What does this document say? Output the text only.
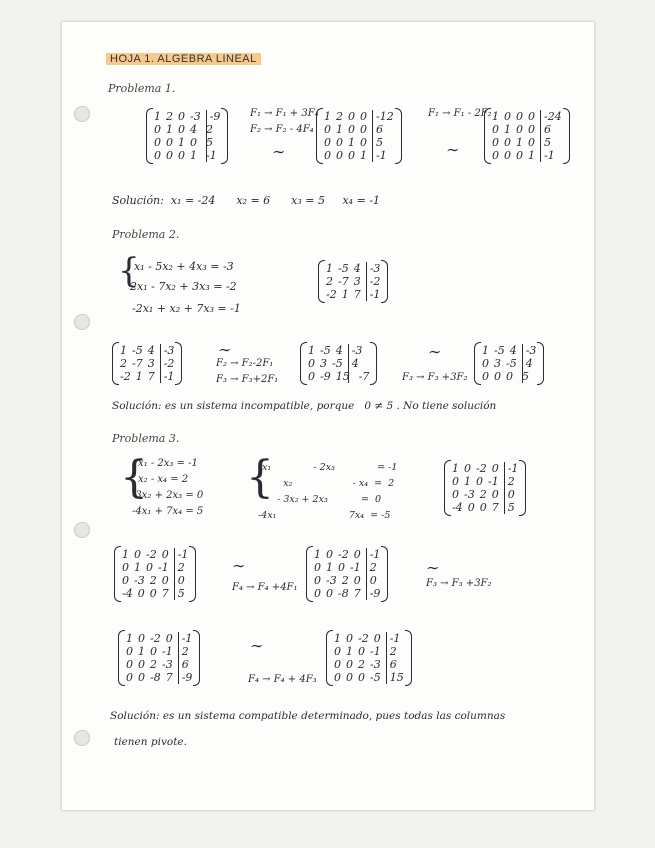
HOJA 1. ALGEBRA LINEAL
Problema 1.
1 2 0 -3 -9
0 1 0 4 2
0 0 1 0 5
0 0 0 1 -1
F₁ → F₁ + 3F₄
F₂ → F₂ - 4F₄
∼
1 2 0 0 -12
0 1 0 0 6
0 0 1 0 5
0 0 0 1 -1
F₁ → F₁ - 2F₂
∼
1 0 0 0 -24
0 1 0 0 6
0 0 1 0 5
0 0 0 1 -1
Solución:  x₁ = -24      x₂ = 6      x₃ = 5     x₄ = -1
Problema 2.
{
x₁ - 5x₂ + 4x₃ = -3
2x₁ - 7x₂ + 3x₃ = -2
-2x₁ + x₂ + 7x₃ = -1
1 -5 4 -3
2 -7 3 -2
-2 1 7 -1
1 -5 4 -3
2 -7 3 -2
-2 1 7 -1
∼
F₂ → F₂-2F₁
F₃ → F₃+2F₁
1 -5 4 -3
0 3 -5 4
0 -9 15 -7
∼
F₃ → F₃ +3F₂
1 -5 4 -3
0 3 -5 4
0 0 0 5
Solución: es un sistema incompatible, porque   0 ≠ 5 . No tiene solución
Problema 3.
{
x₁ - 2x₃ = -1
x₂ - x₄ = 2
-3x₂ + 2x₃ = 0
-4x₁ + 7x₄ = 5
{
x₁              - 2x₃              = -1
x₂                    - x₄  =  2
- 3x₂ + 2x₃           =  0
-4x₁                        7x₄  = -5
1 0 -2 0 -1
0 1 0 -1 2
0 -3 2 0 0
-4 0 0 7 5
1 0 -2 0 -1
0 1 0 -1 2
0 -3 2 0 0
-4 0 0 7 5
∼
F₄ → F₄ +4F₁
1 0 -2 0 -1
0 1 0 -1 2
0 -3 2 0 0
0 0 -8 7 -9
∼
F₃ → F₃ +3F₂
1 0 -2 0 -1
0 1 0 -1 2
0 0 2 -3 6
0 0 -8 7 -9
∼
F₄ → F₄ + 4F₃
1 0 -2 0 -1
0 1 0 -1 2
0 0 2 -3 6
0 0 0 -5 15
Solución: es un sistema compatible determinado, pues todas las columnas
tienen pivote.
